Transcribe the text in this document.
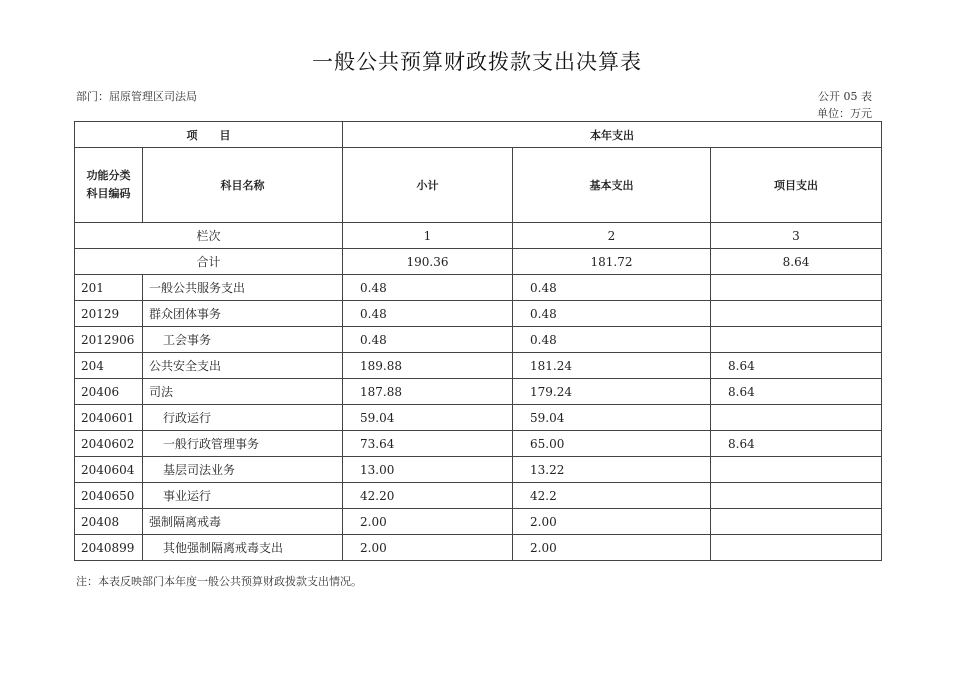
一般公共预算财政拨款支出决算表
部门：屈原管理区司法局	公开 05 表
单位：万元
项　　目		本年支出		

功能分类
科目编码	科目名称	小计	基本支出	项目支出
栏次		1	2	3
合计		190.36	181.72	8.64
201	一般公共服务支出	0.48	0.48	
20129	群众团体事务	0.48	0.48	
2012906	工会事务	0.48	0.48	
204	公共安全支出	189.88	181.24	8.64
20406	司法	187.88	179.24	8.64
2040601	行政运行	59.04	59.04	
2040602	一般行政管理事务	73.64	65.00	8.64
2040604	基层司法业务	13.00	13.22	
2040650	事业运行	42.20	42.2	
20408	强制隔离戒毒	2.00	2.00	
2040899	其他强制隔离戒毒支出	2.00	2.00	
注：本表反映部门本年度一般公共预算财政拨款支出情况。
